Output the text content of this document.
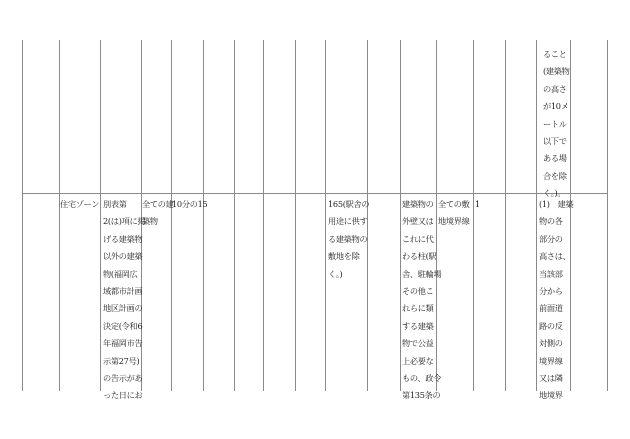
ること
(建築物
の高さ
が10メ
ートル
以下で
ある場
合を除
く。)。
住宅ゾーン 別表第
2(は)項に掲
げる建築物
以外の建築
物(福岡広
域都市計画
地区計画の
決定(令和6
年福岡市告
示第27号)
の告示があ
った日にお
全ての建
築物
10分の15	165(駅舎の
用途に供す
る建築物の
敷地を除
く。)
建築物の
外壁又は
これに代
わる柱(駅
舎、駐輪場
その他こ
れらに類
する建築
物で公益
上必要な
もの、政令
第135条の
全ての敷
地境界線
1	(1)　建築
物の各
部分の
高さは、
当該部
分から
前面道
路の反
対側の
境界線
又は隣
地境界
